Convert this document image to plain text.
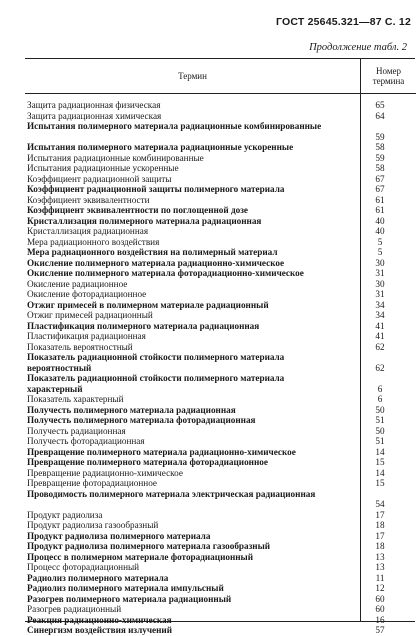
ГОСТ 25645.321—87 С. 12
Продолжение табл. 2
Термин	Номер
термина
Защита радиационная физическая	65
Защита радиационная химическая	64
Испытания полимерного материала радиационные комбинированные
59
Испытания полимерного материала радиационные ускоренные	58
Испытания радиационные комбинированные	59
Испытания радиационные ускоренные	58
Коэффициент радиационной защиты	67
Коэффициент радиационной защиты полимерного материала	67
Коэффициент эквивалентности	61
Коэффициент эквивалентности по поглощенной дозе	61
Кристаллизация полимерного материала радиационная	40
Кристаллизация радиационная	40
Мера радиационного воздействия	5
Мера радиационного воздействия на полимерный материал	5
Окисление полимерного материала радиационно-химическое	30
Окисление полимерного материала фоторадиационно-химическое	31
Окисление радиационное	30
Окисление фоторадиационное	31
Отжиг примесей в полимерном материале радиационный	34
Отжиг примесей радиационный	34
Пластификация полимерного материала радиационная	41
Пластификация радиационная	41
Показатель вероятностный	62
Показатель радиационной стойкости полимерного материала вероятностный	62
Показатель радиационной стойкости полимерного материала характерный	6
Показатель характерный	6
Получесть полимерного материала радиационная	50
Получесть полимерного материала фоторадиационная	51
Получесть радиационная	50
Получесть фоторадиационная	51
Превращение полимерного материала радиационно-химическое	14
Превращение полимерного материала фоторадиационное	15
Превращение радиационно-химическое	14
Превращение фоторадиационное	15
Проводимость полимерного материала электрическая радиационная
54
Продукт радиолиза	17
Продукт радиолиза газообразный	18
Продукт радиолиза полимерного материала	17
Продукт радиолиза полимерного материала газообразный	18
Процесс в полимерном материале фоторадиационный	13
Процесс фоторадиационный	13
Радиолиз полимерного материала	11
Радиолиз полимерного материала импульсный	12
Разогрев полимерного материала радиационный	60
Разогрев радиационный	60
Реакция радиационно-химическая	16
Синергизм воздействия излучений	57
